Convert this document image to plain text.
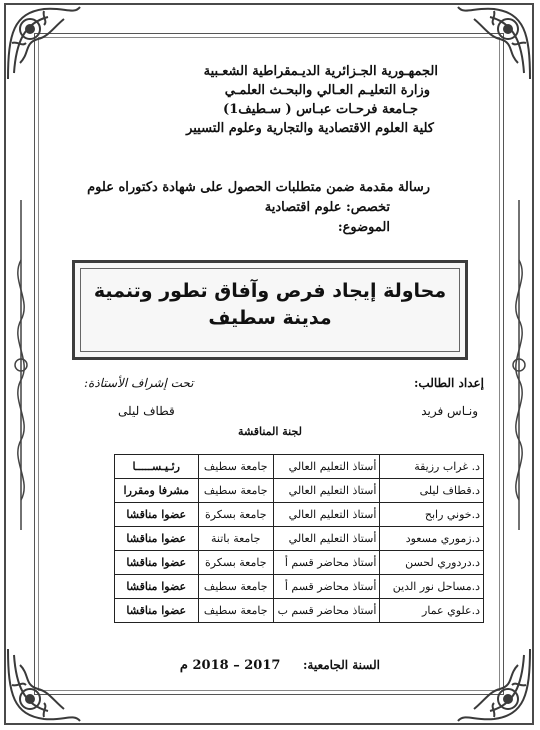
الجمهـورية الجـزائرية الديـمقراطية الشعـبية
وزارة التعليـم العـالي والبحـث العلمـي
جـامعة فرحـات عبـاس ( سـطيف1)
كلية العلوم الاقتصادية والتجارية وعلوم التسيير
رسالة مقدمة ضمن متطلبات الحصول على شهادة دكتوراه علوم
تخصص: علوم اقتصادية
الموضوع:
محاولة إيجاد فرص وآفاق تطور وتنمية مدينة سطيف
إعداد الطالب:
تحت إشراف الأستاذة:
ونـاس فريد
قطاف ليلى
لجنة المناقشة
د. غراب رزيقة	أستاذ التعليم العالي	جامعة سطيف	رئـيـســـــا
د.قطاف ليلى	أستاذ التعليم العالي	جامعة سطيف	مشرفا ومقررا
د.خوني رابح	أستاذ التعليم العالي	جامعة بسكرة	عضوا مناقشا
د.زموري مسعود	أستاذ التعليم العالي	جامعة باتنة	عضوا مناقشا
د.دردوري لحسن	أستاذ محاضر قسم أ	جامعة بسكرة	عضوا مناقشا
د.مساحل نور الدين	أستاذ محاضر قسم أ	جامعة سطيف	عضوا مناقشا
د.علوي عمار	أستاذ محاضر قسم ب	جامعة سطيف	عضوا مناقشا
السنة الجامعية: 2017 – 2018 م
